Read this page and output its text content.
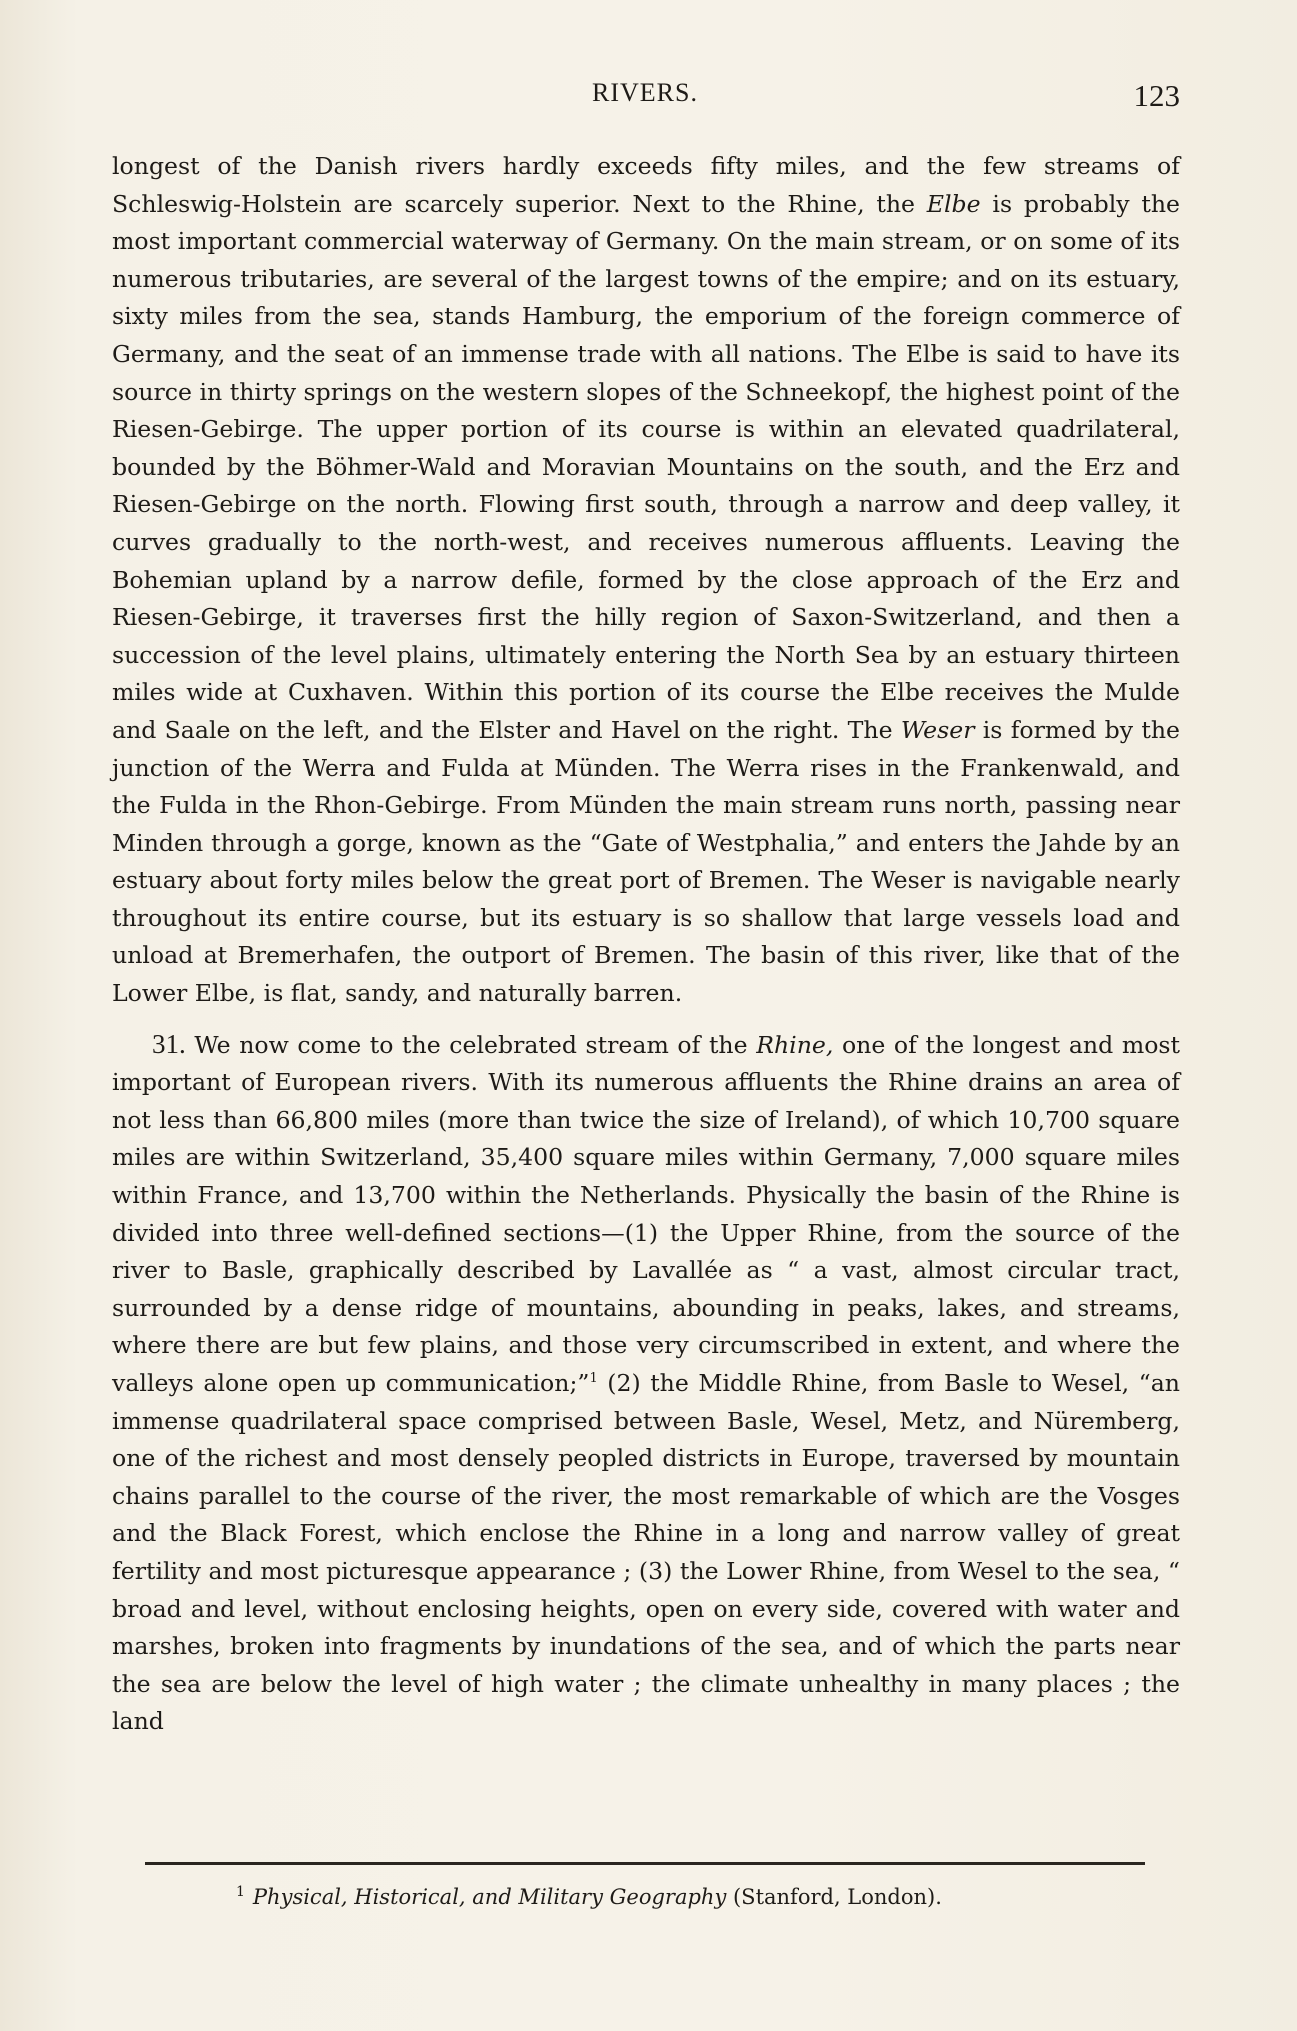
RIVERS.	123

longest of the Danish rivers hardly exceeds fifty miles, and the few streams of Schleswig-Holstein are scarcely superior. Next to the Rhine, the Elbe is probably the most important commercial waterway of Germany. On the main stream, or on some of its numerous tributaries, are several of the largest towns of the empire; and on its estuary, sixty miles from the sea, stands Hamburg, the emporium of the foreign commerce of Germany, and the seat of an immense trade with all nations. The Elbe is said to have its source in thirty springs on the western slopes of the Schneekopf, the highest point of the Riesen-Gebirge. The upper portion of its course is within an elevated quadrilateral, bounded by the Böhmer-Wald and Moravian Mountains on the south, and the Erz and Riesen-Gebirge on the north. Flowing first south, through a narrow and deep valley, it curves gradually to the north-west, and receives numerous affluents. Leaving the Bohemian upland by a narrow defile, formed by the close approach of the Erz and Riesen-Gebirge, it traverses first the hilly region of Saxon-Switzerland, and then a succession of the level plains, ultimately entering the North Sea by an estuary thirteen miles wide at Cuxhaven. Within this portion of its course the Elbe receives the Mulde and Saale on the left, and the Elster and Havel on the right. The Weser is formed by the junction of the Werra and Fulda at Münden. The Werra rises in the Frankenwald, and the Fulda in the Rhon-Gebirge. From Münden the main stream runs north, passing near Minden through a gorge, known as the “Gate of Westphalia,” and enters the Jahde by an estuary about forty miles below the great port of Bremen. The Weser is navigable nearly throughout its entire course, but its estuary is so shallow that large vessels load and unload at Bremerhafen, the outport of Bremen. The basin of this river, like that of the Lower Elbe, is flat, sandy, and naturally barren.

31. We now come to the celebrated stream of the Rhine, one of the longest and most important of European rivers. With its numerous affluents the Rhine drains an area of not less than 66,800 miles (more than twice the size of Ireland), of which 10,700 square miles are within Switzerland, 35,400 square miles within Germany, 7,000 square miles within France, and 13,700 within the Netherlands. Physically the basin of the Rhine is divided into three well-defined sections—(1) the Upper Rhine, from the source of the river to Basle, graphically described by Lavallée as “ a vast, almost circular tract, surrounded by a dense ridge of mountains, abounding in peaks, lakes, and streams, where there are but few plains, and those very circumscribed in extent, and where the valleys alone open up communication;”$^1$ (2) the Middle Rhine, from Basle to Wesel, “an immense quadrilateral space comprised between Basle, Wesel, Metz, and Nüremberg, one of the richest and most densely peopled districts in Europe, traversed by mountain chains parallel to the course of the river, the most remarkable of which are the Vosges and the Black Forest, which enclose the Rhine in a long and narrow valley of great fertility and most picturesque appearance ; (3) the Lower Rhine, from Wesel to the sea, “ broad and level, without enclosing heights, open on every side, covered with water and marshes, broken into fragments by inundations of the sea, and of which the parts near the sea are below the level of high water ; the climate unhealthy in many places ; the land

$^1$ Physical, Historical, and Military Geography (Stanford, London).
